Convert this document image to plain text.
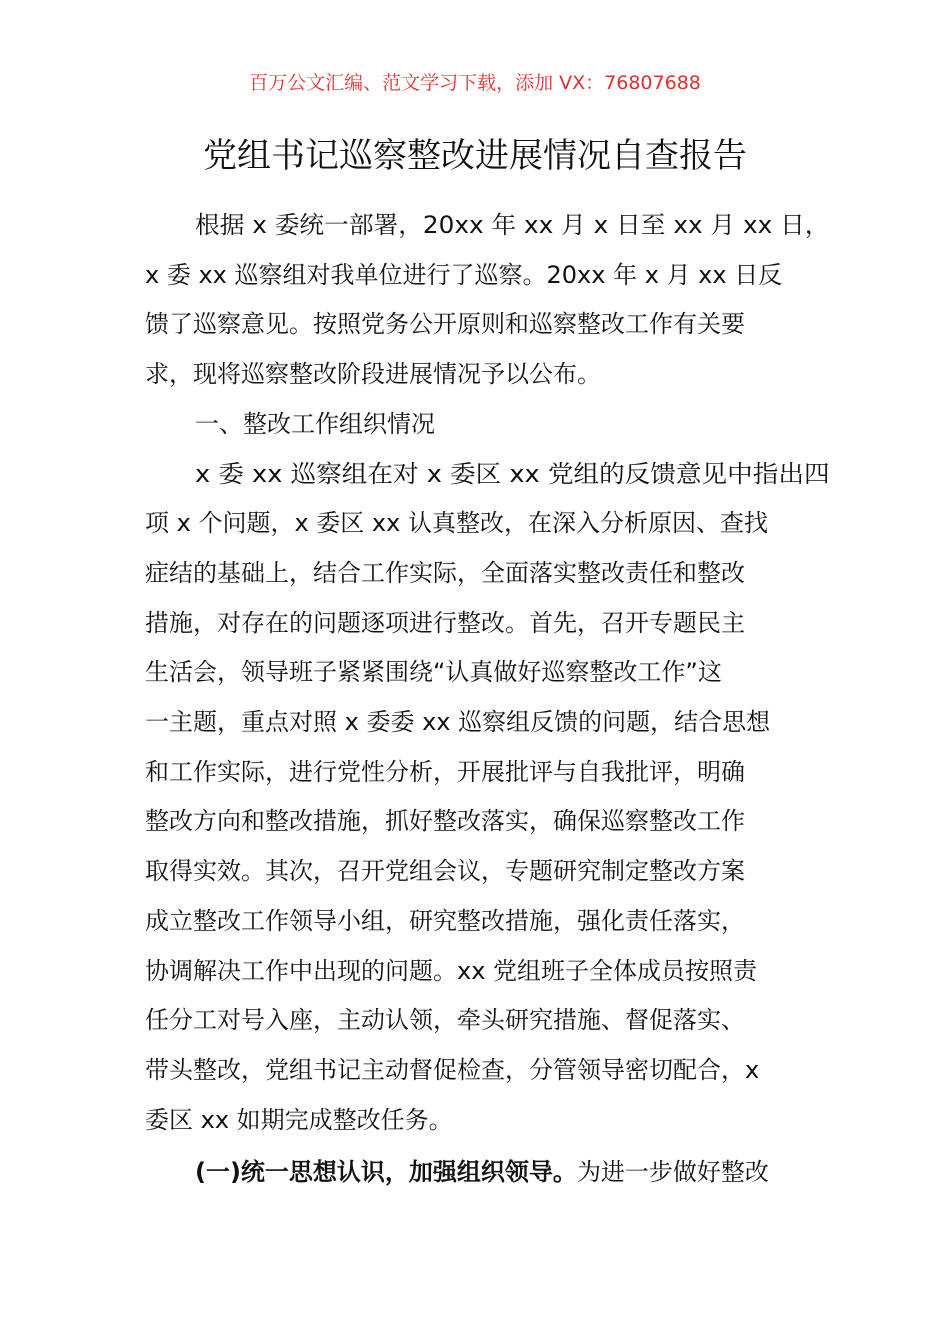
百万公文汇编、范文学习下载，添加 VX：76807688
党组书记巡察整改进展情况自查报告
根据 x 委统一部署，20xx 年 xx 月 x 日至 xx 月 xx 日，
x 委 xx 巡察组对我单位进行了巡察。20xx 年 x 月 xx 日反
馈了巡察意见。按照党务公开原则和巡察整改工作有关要
求，现将巡察整改阶段进展情况予以公布。
一、整改工作组织情况
x 委 xx 巡察组在对 x 委区 xx 党组的反馈意见中指出四
项 x 个问题，x 委区 xx 认真整改，在深入分析原因、查找
症结的基础上，结合工作实际，全面落实整改责任和整改
措施，对存在的问题逐项进行整改。首先，召开专题民主
生活会，领导班子紧紧围绕“认真做好巡察整改工作”这
一主题，重点对照 x 委委 xx 巡察组反馈的问题，结合思想
和工作实际，进行党性分析，开展批评与自我批评，明确
整改方向和整改措施，抓好整改落实，确保巡察整改工作
取得实效。其次，召开党组会议，专题研究制定整改方案
成立整改工作领导小组，研究整改措施，强化责任落实，
协调解决工作中出现的问题。xx 党组班子全体成员按照责
任分工对号入座，主动认领，牵头研究措施、督促落实、
带头整改，党组书记主动督促检查，分管领导密切配合，x
委区 xx 如期完成整改任务。
(一)统一思想认识，加强组织领导。为进一步做好整改
